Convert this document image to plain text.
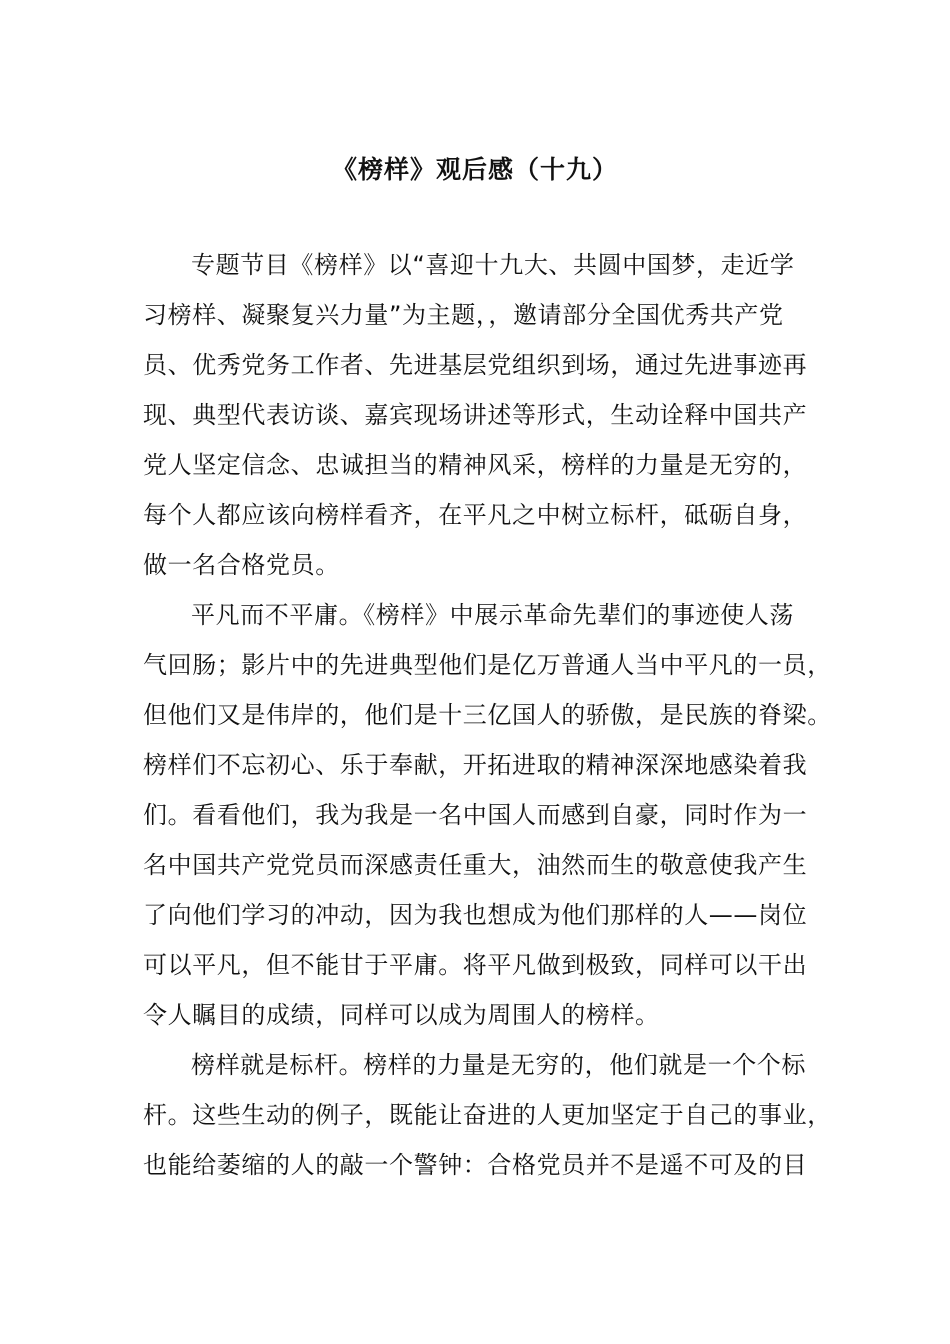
《榜样》观后感（十九）
专题节目《榜样》以“喜迎十九大、共圆中国梦，走近学
习榜样、凝聚复兴力量”为主题，，邀请部分全国优秀共产党
员、优秀党务工作者、先进基层党组织到场，通过先进事迹再
现、典型代表访谈、嘉宾现场讲述等形式，生动诠释中国共产
党人坚定信念、忠诚担当的精神风采，榜样的力量是无穷的，
每个人都应该向榜样看齐，在平凡之中树立标杆，砥砺自身，
做一名合格党员。
平凡而不平庸。《榜样》中展示革命先辈们的事迹使人荡
气回肠；影片中的先进典型他们是亿万普通人当中平凡的一员，
但他们又是伟岸的，他们是十三亿国人的骄傲，是民族的脊梁。
榜样们不忘初心、乐于奉献，开拓进取的精神深深地感染着我
们。看看他们，我为我是一名中国人而感到自豪，同时作为一
名中国共产党党员而深感责任重大，油然而生的敬意使我产生
了向他们学习的冲动，因为我也想成为他们那样的人——岗位
可以平凡，但不能甘于平庸。将平凡做到极致，同样可以干出
令人瞩目的成绩，同样可以成为周围人的榜样。
榜样就是标杆。榜样的力量是无穷的，他们就是一个个标
杆。这些生动的例子，既能让奋进的人更加坚定于自己的事业，
也能给萎缩的人的敲一个警钟：合格党员并不是遥不可及的目
